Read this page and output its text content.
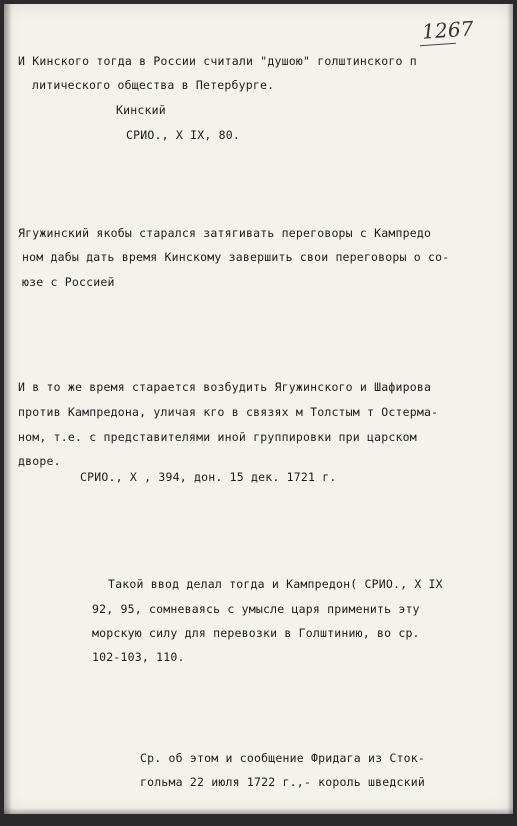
1267
И Кинского тогда в России считали "душою" голштинского п
литического общества в Петербурге.
Кинский
СРИО., Х IX, 80.
Ягужинский якобы старался затягивать переговоры с Кампредо
ном дабы дать время Кинскому завершить свои переговоры о со-
юзе с Россией
И в то же время старается возбудить Ягужинского и Шафирова
против Кампредона, уличая кго в связях м Толстым т Остерма-
ном, т.е. с представителями иной группировки при царском
дворе.
СРИО., Х , 394, дон. 15 дек. 1721 г.
Такой ввод делал тогда и Кампредон( СРИО., Х IX
92, 95, сомневаясь с умысле царя применить эту
морскую силу для перевозки в Голштинию, во ср.
102-103, 110.
Ср. об этом и сообщение Фридага из Сток-
гольма 22 июля 1722 г.,- король шведский
